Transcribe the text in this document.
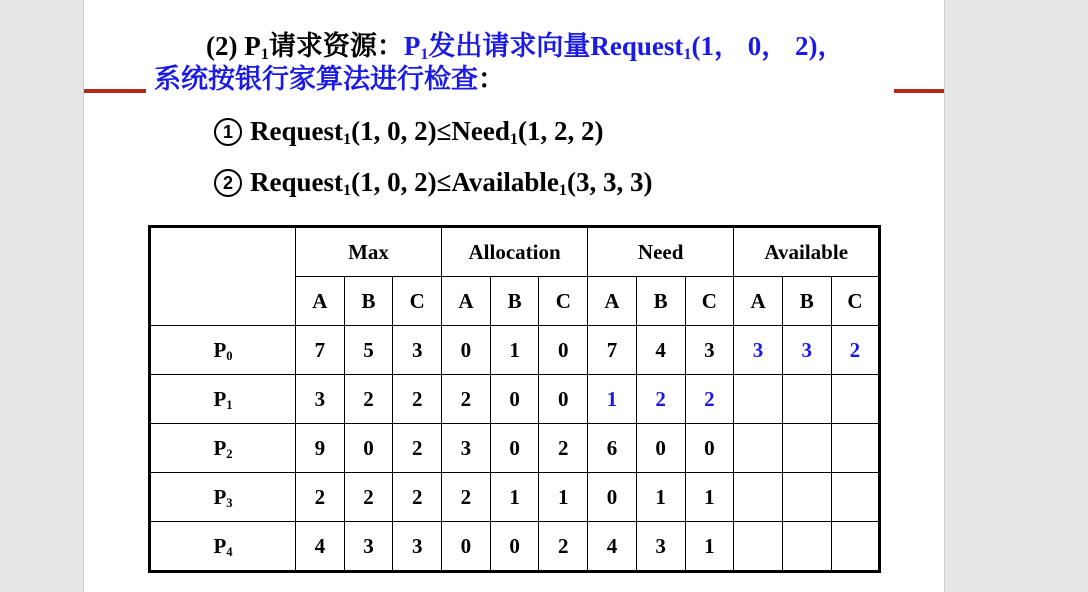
(2) $P_1$请求资源：$P_1$发出请求向量Request$_1$(1， 0， 2)，
系统按银行家算法进行检查：
1 Request$_1$(1, 0, 2)≤Need$_1$(1, 2, 2)
2 Request$_1$(1, 0, 2)≤Available$_1$(3, 3, 3)
	Max			Allocation			Need			Available		
	A	B	C	A	B	C	A	B	C	A	B	C
$P_0$	7	5	3	0	1	0	7	4	3	3	3	2
$P_1$	3	2	2	2	0	0	1	2	2			
$P_2$	9	0	2	3	0	2	6	0	0			
$P_3$	2	2	2	2	1	1	0	1	1			
$P_4$	4	3	3	0	0	2	4	3	1			
